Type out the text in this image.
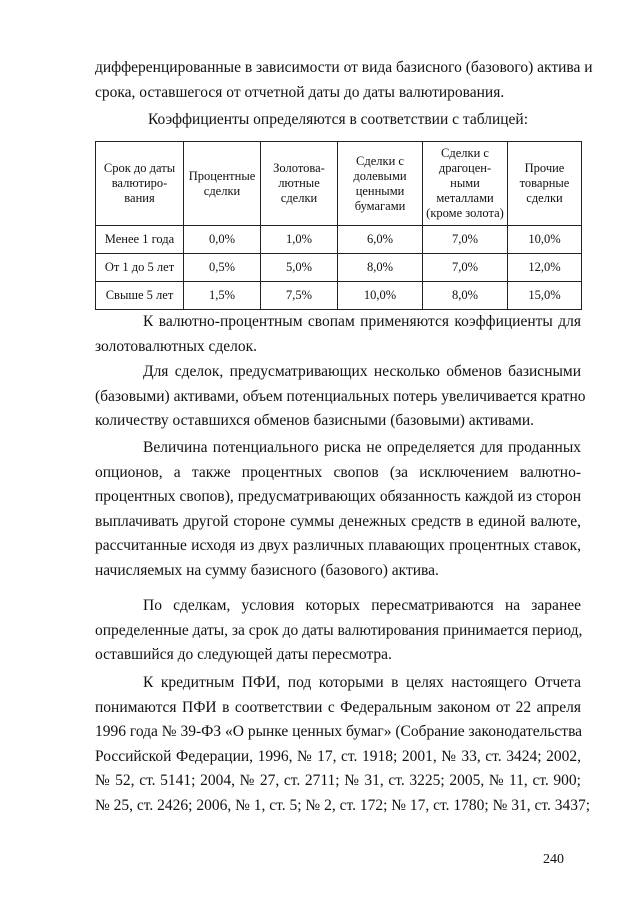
дифференцированные в зависимости от вида базисного (базового) актива и
срока, оставшегося от отчетной даты до даты валютирования.
Коэффициенты определяются в соответствии с таблицей:
Срок до даты валютиро-вания	Процентные сделки	Золотова-лютные сделки	Сделки с долевыми ценными бумагами	Сделки с драгоцен-ными металлами (кроме золота)	Прочие товарные сделки
Менее 1 года	0,0%	1,0%	6,0%	7,0%	10,0%
От 1 до 5 лет	0,5%	5,0%	8,0%	7,0%	12,0%
Свыше 5 лет	1,5%	7,5%	10,0%	8,0%	15,0%
К валютно-процентным свопам применяются коэффициенты для
золотовалютных сделок.
Для сделок, предусматривающих несколько обменов базисными
(базовыми) активами, объем потенциальных потерь увеличивается кратно
количеству оставшихся обменов базисными (базовыми) активами.
Величина потенциального риска не определяется для проданных
опционов, а также процентных свопов (за исключением валютно-
процентных свопов), предусматривающих обязанность каждой из сторон
выплачивать другой стороне суммы денежных средств в единой валюте,
рассчитанные исходя из двух различных плавающих процентных ставок,
начисляемых на сумму базисного (базового) актива.
По сделкам, условия которых пересматриваются на заранее
определенные даты, за срок до даты валютирования принимается период,
оставшийся до следующей даты пересмотра.
К кредитным ПФИ, под которыми в целях настоящего Отчета
понимаются ПФИ в соответствии с Федеральным законом от 22 апреля
1996 года № 39-ФЗ «О рынке ценных бумаг» (Собрание законодательства
Российской Федерации, 1996, № 17, ст. 1918; 2001, № 33, ст. 3424; 2002,
№ 52, ст. 5141; 2004, № 27, ст. 2711; № 31, ст. 3225; 2005, № 11, ст. 900;
№ 25, ст. 2426; 2006, № 1, ст. 5; № 2, ст. 172; № 17, ст. 1780; № 31, ст. 3437;
240
